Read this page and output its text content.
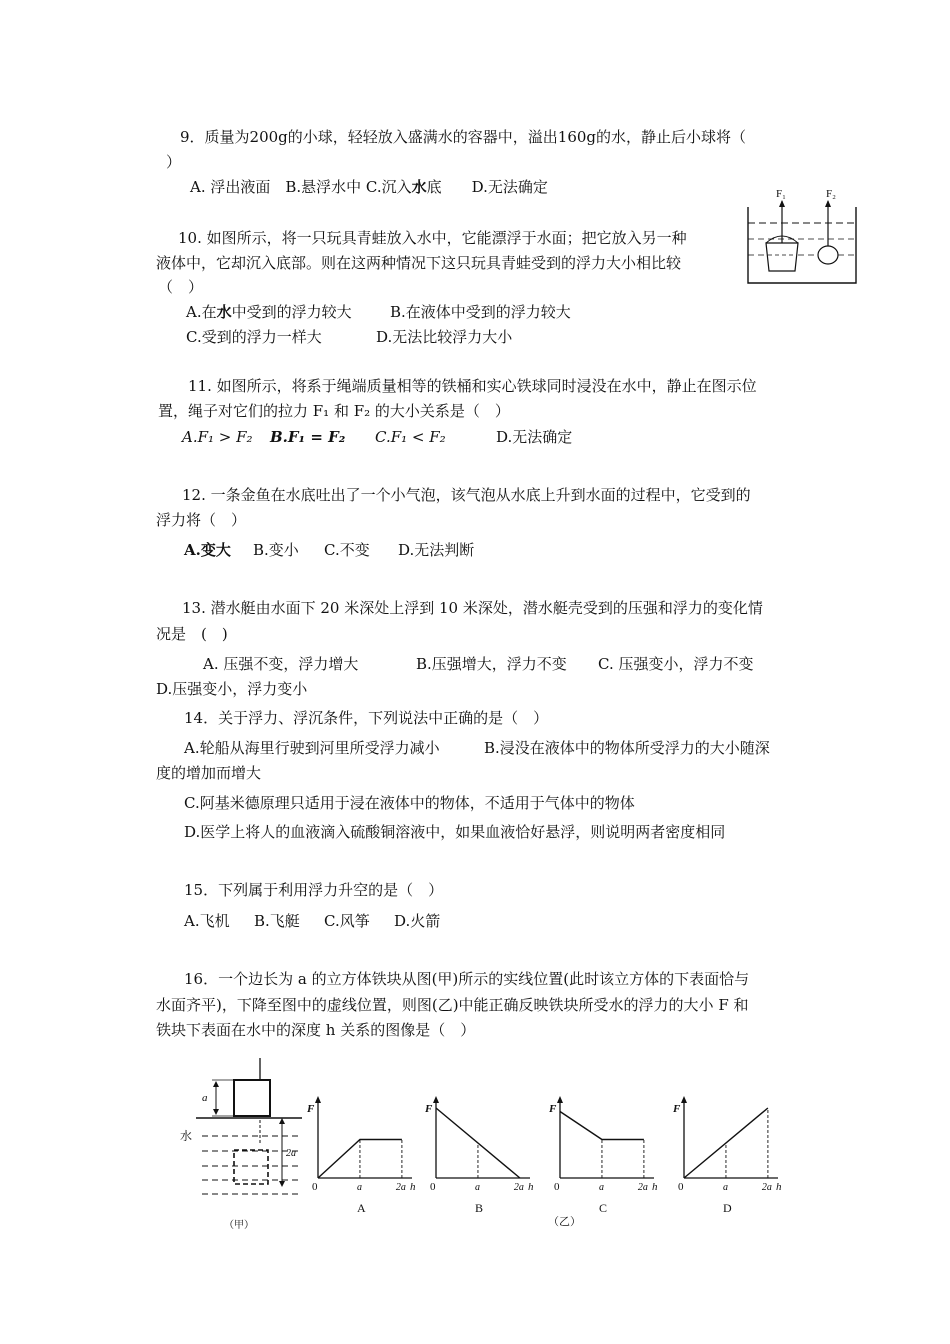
9．质量为200g的小球，轻轻放入盛满水的容器中，溢出160g的水，静止后小球将（
）
A. 浮出液面　B.悬浮水中 C.沉入水底　　D.无法确定
10. 如图所示，将一只玩具青蛙放入水中，它能漂浮于水面；把它放入另一种
液体中，它却沉入底部。则在这两种情况下这只玩具青蛙受到的浮力大小相比较
（　）
A.在水中受到的浮力较大	B.在液体中受到的浮力较大
C.受到的浮力一样大	D.无法比较浮力大小
F₁	F₂
11. 如图所示，将系于绳端质量相等的铁桶和实心铁球同时浸没在水中，静止在图示位
置，绳子对它们的拉力 F₁ 和 F₂ 的大小关系是（　）
A.F₁ > F₂ B.F₁ = F₂ C.F₁ < F₂	D.无法确定
12. 一条金鱼在水底吐出了一个小气泡，该气泡从水底上升到水面的过程中，它受到的
浮力将（　）
A.变大 B.变小 C.不变 D.无法判断
13. 潜水艇由水面下 20 米深处上浮到 10 米深处，潜水艇壳受到的压强和浮力的变化情
况是　(　)
A. 压强不变，浮力增大	B.压强增大，浮力不变 C. 压强变小，浮力不变
D.压强变小，浮力变小
14．关于浮力、浮沉条件，下列说法中正确的是（　）
A.轮船从海里行驶到河里所受浮力减小	B.浸没在液体中的物体所受浮力的大小随深
度的增加而增大
C.阿基米德原理只适用于浸在液体中的物体，不适用于气体中的物体
D.医学上将人的血液滴入硫酸铜溶液中，如果血液恰好悬浮，则说明两者密度相同
15．下列属于利用浮力升空的是（　）
A.飞机 B.飞艇 C.风筝 D.火箭
16．一个边长为 a 的立方体铁块从图(甲)所示的实线位置(此时该立方体的下表面恰与
水面齐平)，下降至图中的虚线位置，则图(乙)中能正确反映铁块所受水的浮力的大小 F 和
铁块下表面在水中的深度 h 关系的图像是（　）
a
水
2a
（甲）
F
h
0	a	2a
A
F
h
0	a	2a
B
F
h
0	a	2a
C
F
h
0	a	2a
D
（乙）
